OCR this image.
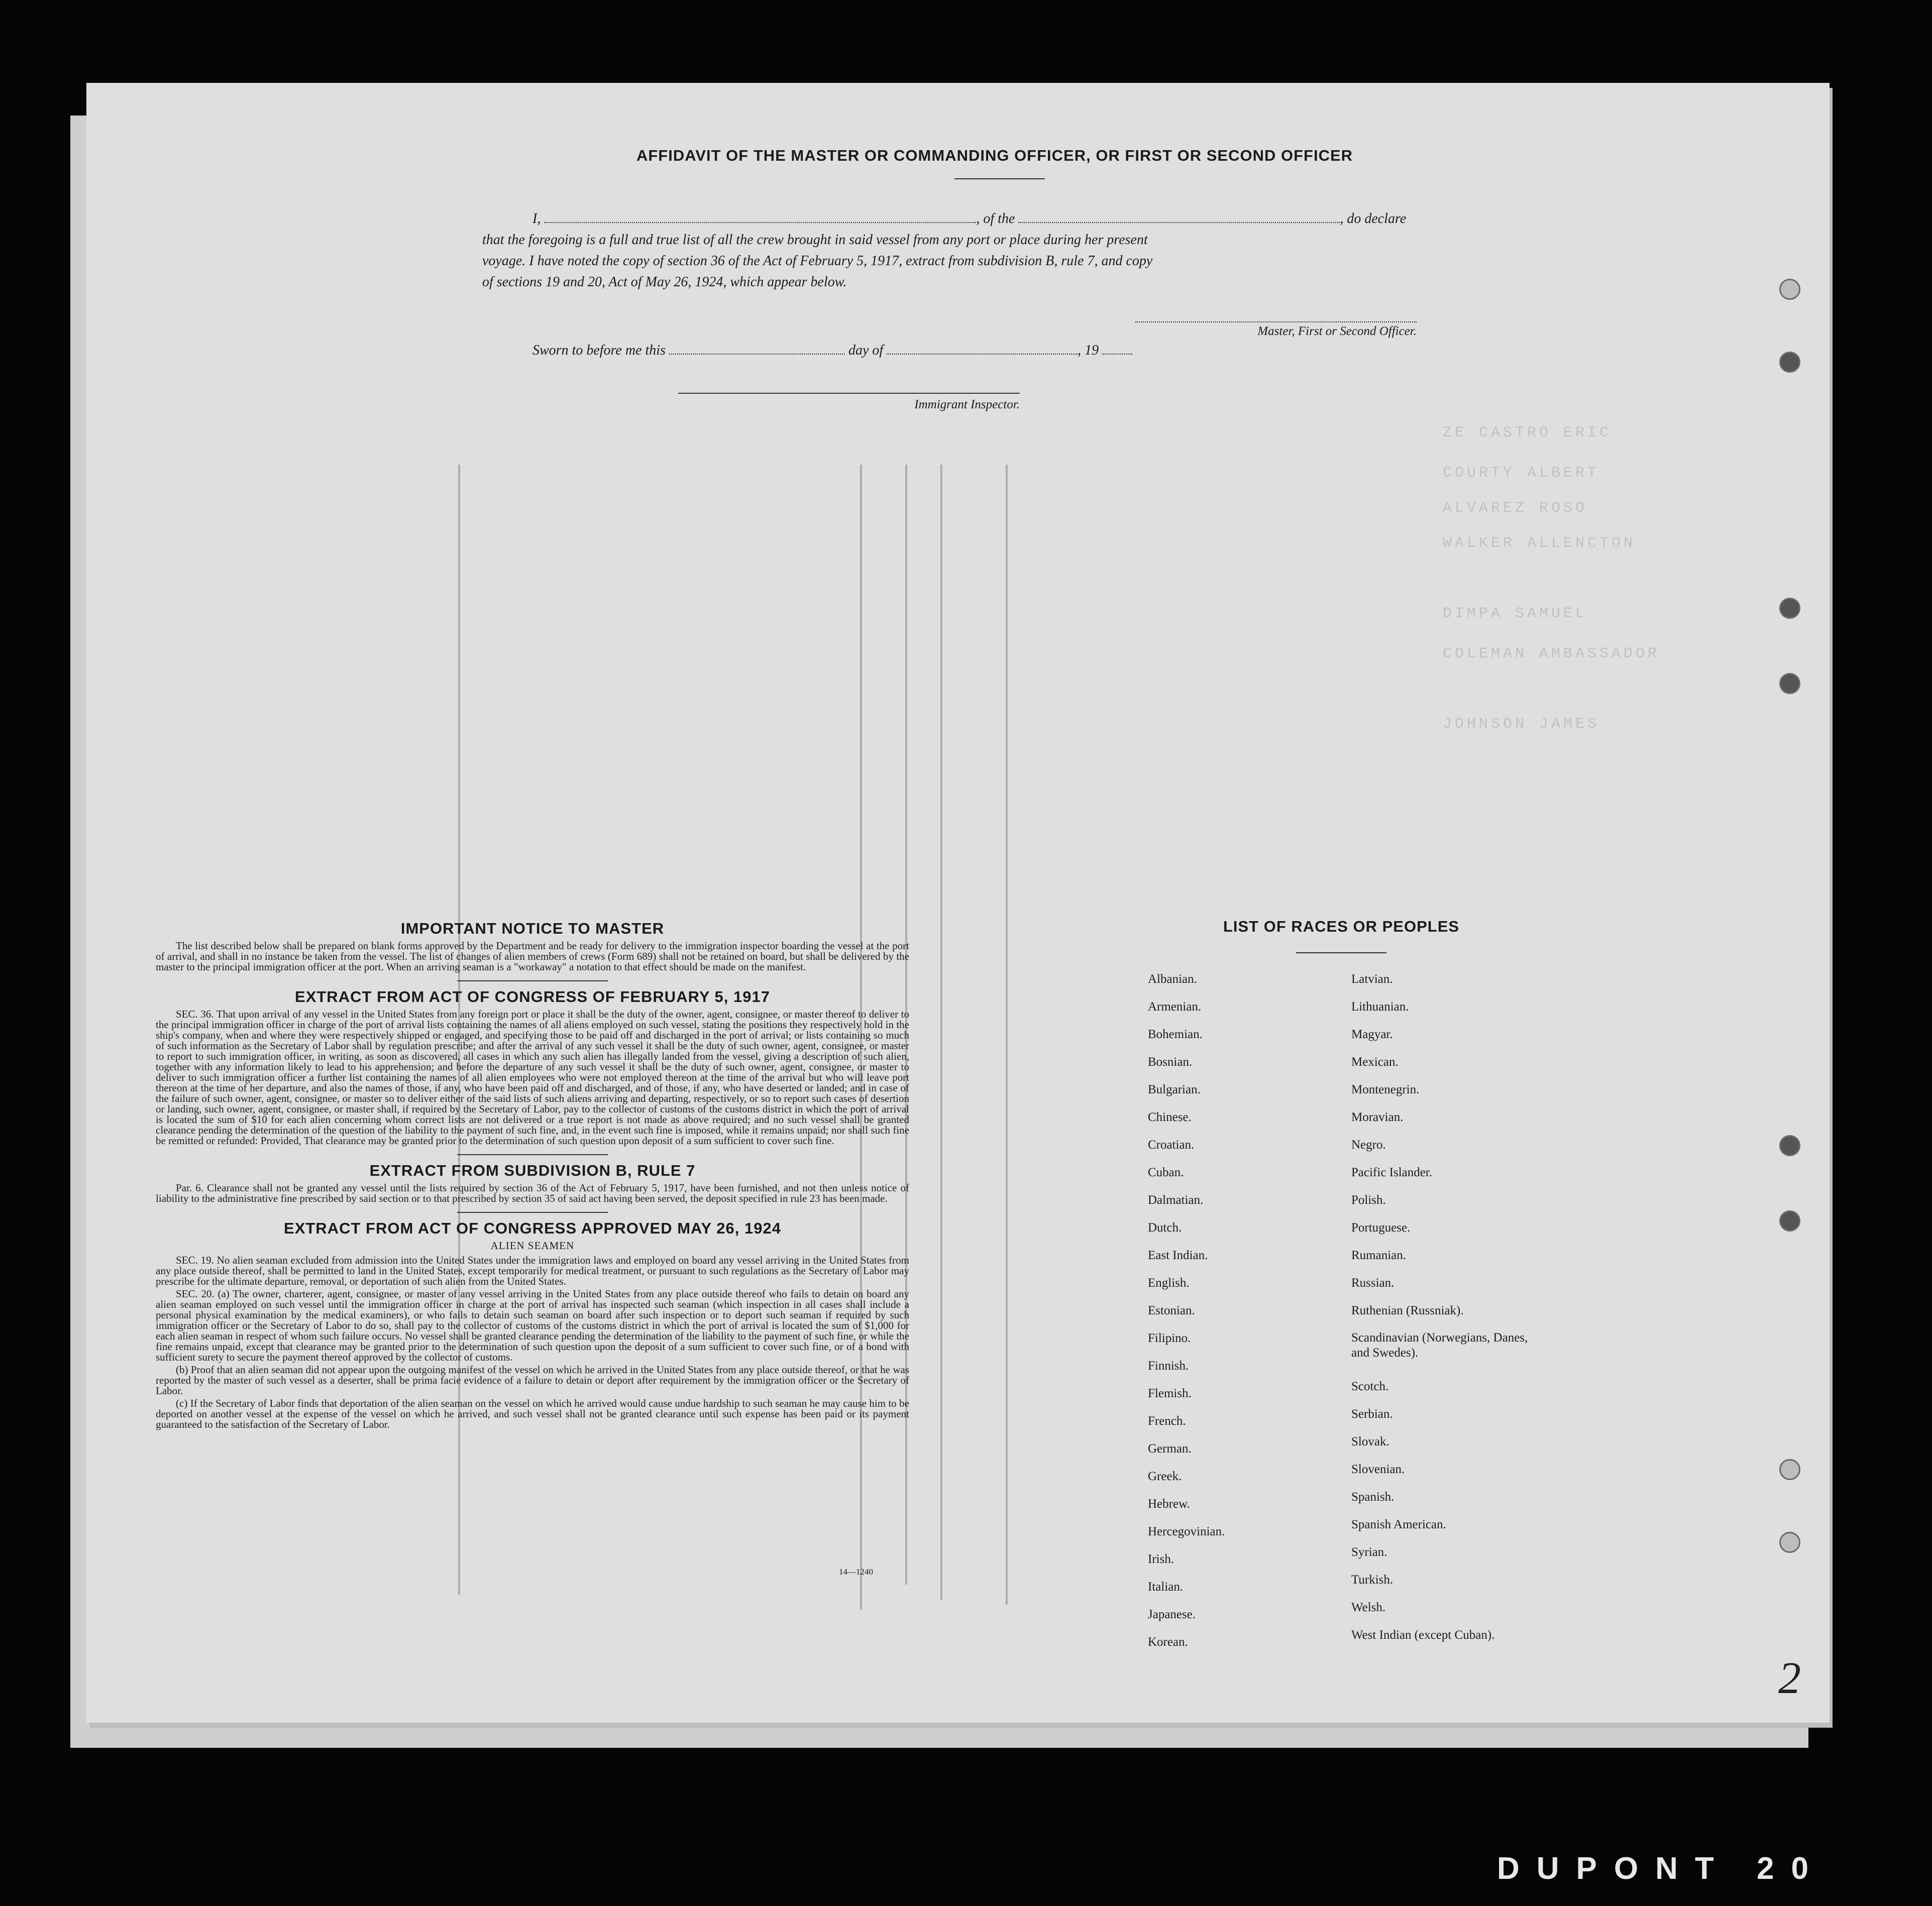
ZE CASTRO ERIC
COURTY ALBERT
ALVAREZ ROSO
WALKER ALLENCTON
DIMPA SAMUEL
COLEMAN AMBASSADOR
JOHNSON JAMES
AFFIDAVIT OF THE MASTER OR COMMANDING OFFICER, OR FIRST OR SECOND OFFICER
I,	, of the	, do declare
that the foregoing is a full and true list of all the crew brought in said vessel from any port or place during her present
voyage. I have noted the copy of section 36 of the Act of February 5, 1917, extract from subdivision B, rule 7, and copy
of sections 19 and 20, Act of May 26, 1924, which appear below.
Master, First or Second Officer.
Sworn to before me this	day of	, 19
Immigrant Inspector.
IMPORTANT NOTICE TO MASTER

The list described below shall be prepared on blank forms approved by the Department and be ready for delivery to the immigration inspector boarding the vessel at the port of arrival, and shall in no instance be taken from the vessel. The list of changes of alien members of crews (Form 689) shall not be retained on board, but shall be delivered by the master to the principal immigration officer at the port. When an arriving seaman is a "workaway" a notation to that effect should be made on the manifest.

EXTRACT FROM ACT OF CONGRESS OF FEBRUARY 5, 1917

SEC. 36. That upon arrival of any vessel in the United States from any foreign port or place it shall be the duty of the owner, agent, consignee, or master thereof to deliver to the principal immigration officer in charge of the port of arrival lists containing the names of all aliens employed on such vessel, stating the positions they respectively hold in the ship's company, when and where they were respectively shipped or engaged, and specifying those to be paid off and discharged in the port of arrival; or lists containing so much of such information as the Secretary of Labor shall by regulation prescribe; and after the arrival of any such vessel it shall be the duty of such owner, agent, consignee, or master to report to such immigration officer, in writing, as soon as discovered, all cases in which any such alien has illegally landed from the vessel, giving a description of such alien, together with any information likely to lead to his apprehension; and before the departure of any such vessel it shall be the duty of such owner, agent, consignee, or master to deliver to such immigration officer a further list containing the names of all alien employees who were not employed thereon at the time of the arrival but who will leave port thereon at the time of her departure, and also the names of those, if any, who have been paid off and discharged, and of those, if any, who have deserted or landed; and in case of the failure of such owner, agent, consignee, or master so to deliver either of the said lists of such aliens arriving and departing, respectively, or so to report such cases of desertion or landing, such owner, agent, consignee, or master shall, if required by the Secretary of Labor, pay to the collector of customs of the customs district in which the port of arrival is located the sum of $10 for each alien concerning whom correct lists are not delivered or a true report is not made as above required; and no such vessel shall be granted clearance pending the determination of the question of the liability to the payment of such fine, and, in the event such fine is imposed, while it remains unpaid; nor shall such fine be remitted or refunded: Provided, That clearance may be granted prior to the determination of such question upon deposit of a sum sufficient to cover such fine.

EXTRACT FROM SUBDIVISION B, RULE 7

Par. 6. Clearance shall not be granted any vessel until the lists required by section 36 of the Act of February 5, 1917, have been furnished, and not then unless notice of liability to the administrative fine prescribed by said section or to that prescribed by section 35 of said act having been served, the deposit specified in rule 23 has been made.

EXTRACT FROM ACT OF CONGRESS APPROVED MAY 26, 1924
ALIEN SEAMEN

SEC. 19. No alien seaman excluded from admission into the United States under the immigration laws and employed on board any vessel arriving in the United States from any place outside thereof, shall be permitted to land in the United States, except temporarily for medical treatment, or pursuant to such regulations as the Secretary of Labor may prescribe for the ultimate departure, removal, or deportation of such alien from the United States.

SEC. 20. (a) The owner, charterer, agent, consignee, or master of any vessel arriving in the United States from any place outside thereof who fails to detain on board any alien seaman employed on such vessel until the immigration officer in charge at the port of arrival has inspected such seaman (which inspection in all cases shall include a personal physical examination by the medical examiners), or who fails to detain such seaman on board after such inspection or to deport such seaman if required by such immigration officer or the Secretary of Labor to do so, shall pay to the collector of customs of the customs district in which the port of arrival is located the sum of $1,000 for each alien seaman in respect of whom such failure occurs. No vessel shall be granted clearance pending the determination of the liability to the payment of such fine, or while the fine remains unpaid, except that clearance may be granted prior to the determination of such question upon the deposit of a sum sufficient to cover such fine, or of a bond with sufficient surety to secure the payment thereof approved by the collector of customs.

(b) Proof that an alien seaman did not appear upon the outgoing manifest of the vessel on which he arrived in the United States from any place outside thereof, or that he was reported by the master of such vessel as a deserter, shall be prima facie evidence of a failure to detain or deport after requirement by the immigration officer or the Secretary of Labor.

(c) If the Secretary of Labor finds that deportation of the alien seaman on the vessel on which he arrived would cause undue hardship to such seaman he may cause him to be deported on another vessel at the expense of the vessel on which he arrived, and such vessel shall not be granted clearance until such expense has been paid or its payment guaranteed to the satisfaction of the Secretary of Labor.

14—1240
LIST OF RACES OR PEOPLES
Albanian.
Armenian.
Bohemian.
Bosnian.
Bulgarian.
Chinese.
Croatian.
Cuban.
Dalmatian.
Dutch.
East Indian.
English.
Estonian.
Filipino.
Finnish.
Flemish.
French.
German.
Greek.
Hebrew.
Hercegovinian.
Irish.
Italian.
Japanese.
Korean.
Latvian.
Lithuanian.
Magyar.
Mexican.
Montenegrin.
Moravian.
Negro.
Pacific Islander.
Polish.
Portuguese.
Rumanian.
Russian.
Ruthenian (Russniak).
Scandinavian (Norwegians, Danes, and Swedes).
Scotch.
Serbian.
Slovak.
Slovenian.
Spanish.
Spanish American.
Syrian.
Turkish.
Welsh.
West Indian (except Cuban).
2
DUPONT 20
